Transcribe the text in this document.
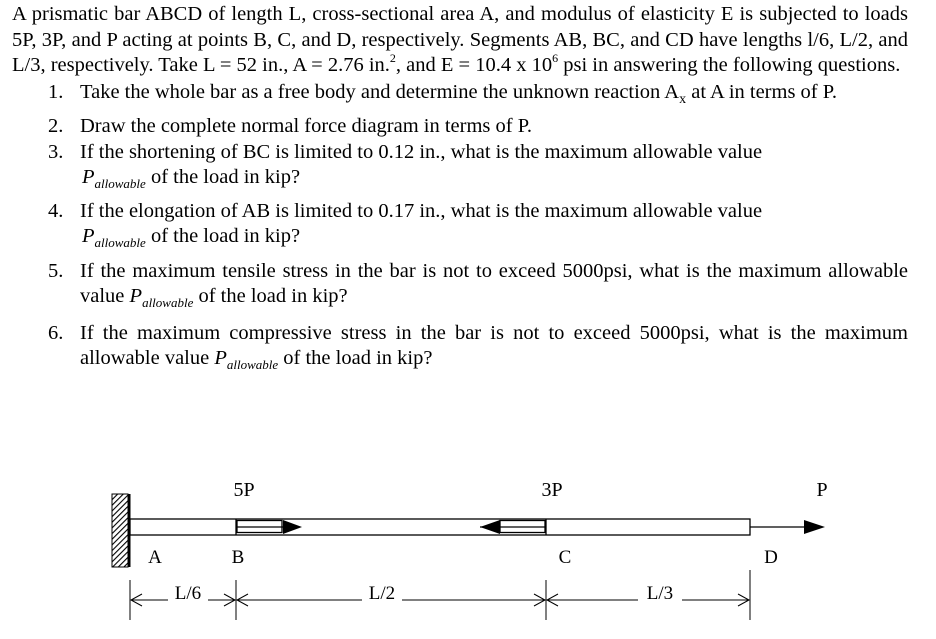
A prismatic bar ABCD of length L, cross-sectional area A, and modulus of elasticity E is subjected to loads 5P, 3P, and P acting at points B, C, and D, respectively. Segments AB, BC, and CD have lengths l/6, L/2, and L/3, respectively. Take L = 52 in., A = 2.76 in.$^2$, and E = 10.4 x $10^6$ psi in answering the following questions.

1. Take the whole bar as a free body and determine the unknown reaction $A_x$ at A in terms of P.
2. Draw the complete normal force diagram in terms of P.
3. If the shortening of BC is limited to 0.12 in., what is the maximum allowable value
$P_{allowable}$ of the load in kip?
4. If the elongation of AB is limited to 0.17 in., what is the maximum allowable value
$P_{allowable}$ of the load in kip?
5. If the maximum tensile stress in the bar is not to exceed 5000psi, what is the maximum allowable value $P_{allowable}$ of the load in kip?
6. If the maximum compressive stress in the bar is not to exceed 5000psi, what is the maximum allowable value $P_{allowable}$ of the load in kip?
5P	3P	P
A	B	C	D
L/6	L/2	L/3
